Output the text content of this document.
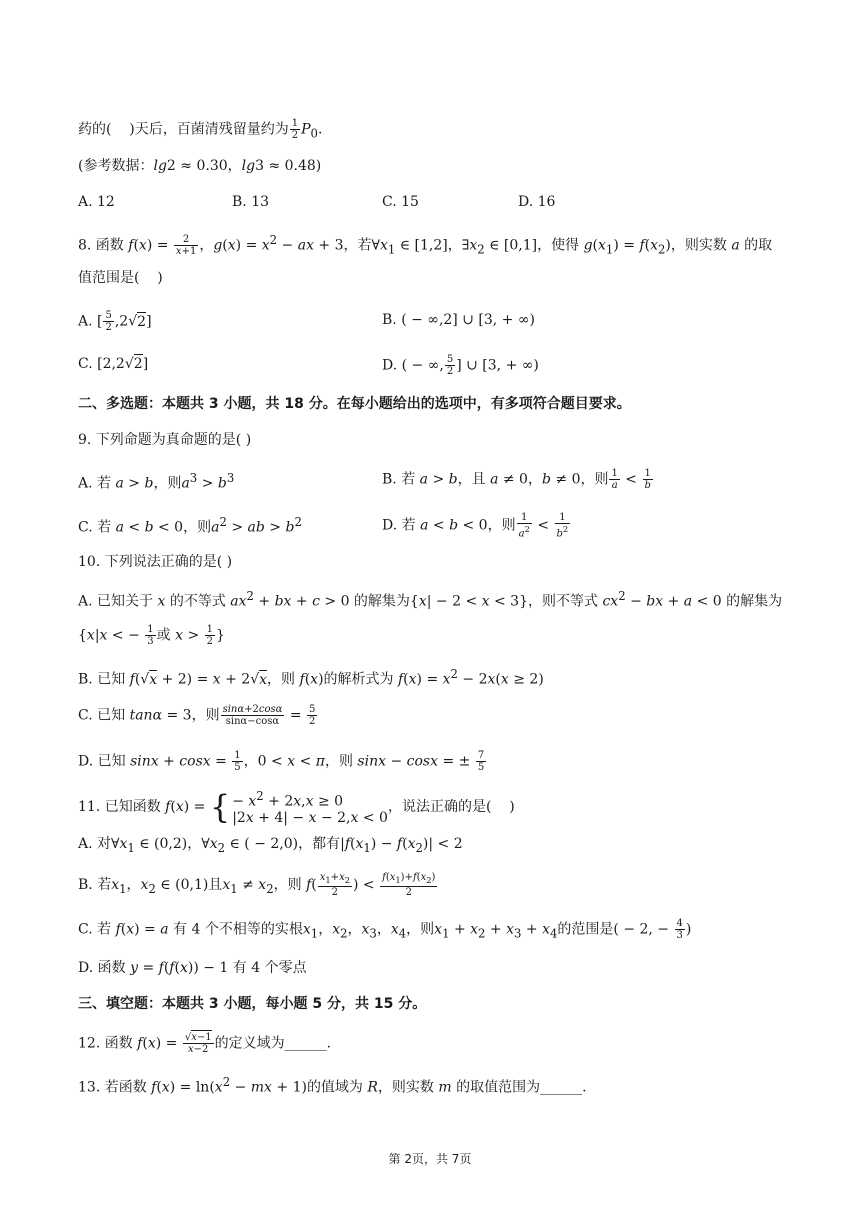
药的(    )天后，百菌清残留量约为 $\frac{1}{2} P_0$.
(参考数据：lg2 ≈ 0.30，lg3 ≈ 0.48)
A. 12	B. 13	C. 15	D. 16
8. 函数 $f(x) = \frac{2}{x+1}$ ，$g(x) = x^2$ − ax + 3，若$\forall x_1$ ∈ [1,2]，$\exists x_2$ ∈ [0,1]，使得 $g(x_1) = f(x_2)$，则实数 a 的取
值范围是(    )
A. [ $\frac{5}{2} ,2√2$]	B. ( − ∞,2] ∪ [3, + ∞)
C. [2,2√2]	D. ( − ∞, $\frac{5}{2}$ ] ∪ [3, + ∞)
二、多选题：本题共 3 小题，共 18 分。在每小题给出的选项中，有多项符合题目要求。
9. 下列命题为真命题的是( )
A. 若 a > b，则$a^3 > b^3$	B. 若 a > b，且 a ≠ 0，b ≠ 0，则 $\frac{1}{a} < \frac{1}{b}$
C. 若 a < b < 0，则$a^2$ > ab > $b^2$	D. 若 a < b < 0，则 $\frac{1}{a^2} < \frac{1}{b^2}$
10. 下列说法正确的是( )
A. 已知关于 x 的不等式 $ax^2$ + bx + c > 0 的解集为{x| − 2 < x < 3}，则不等式 $cx^2$ − bx + a < 0 的解集为
{x|x < − $\frac{1}{3}$ 或 $x > \frac{1}{2}$ }
B. 已知 f(√x + 2) = x + 2√x，则 f(x)的解析式为 $f(x) = x^2 - 2x(x \ge 2)$
C. 已知 tanα = 3，则 $\frac{\sin\alpha+2\cos\alpha}{\sin\alpha-\cos\alpha} = \frac{5}{2}$
D. 已知 $\sin x + \cos x = \frac{1}{5}$ ，0 < x < π，则 sinx − cosx = ± $\frac{7}{5}$
11. 已知函数 f(x) = { − $x^2 + 2x,x \ge 0$
|2x + 4| − x − 2,x < 0，说法正确的是(    )
A. 对$\forall x_1$ ∈ (0,2)，$\forall x_2$ ∈ ( − 2,0)，都有$|f(x_1) - f(x_2)| < 2$
B. 若$x_1$，$x_2$ ∈ (0,1)且$x_1 \ne x_2$，则 $f( \frac{x_1+x_2}{2}$ ) < $\frac{f(x_1)+f(x_2)}{2}$
C. 若 f(x) = a 有 4 个不相等的实根$x_1$，$x_2$，$x_3$，$x_4$，则$x_1 + x_2 + x_3 + x_4$的范围是( − 2, − $\frac{4}{3}$ )
D. 函数 y = f(f(x)) − 1 有 4 个零点
三、填空题：本题共 3 小题，每小题 5 分，共 15 分。
12. 函数 $f(x) = \frac{√x-1}{x-2}$ 的定义域为______.
13. 若函数 $f(x) = \ln(x^2$ − mx + 1)的值域为 R，则实数 m 的取值范围为______.
第 2页，共 7页
